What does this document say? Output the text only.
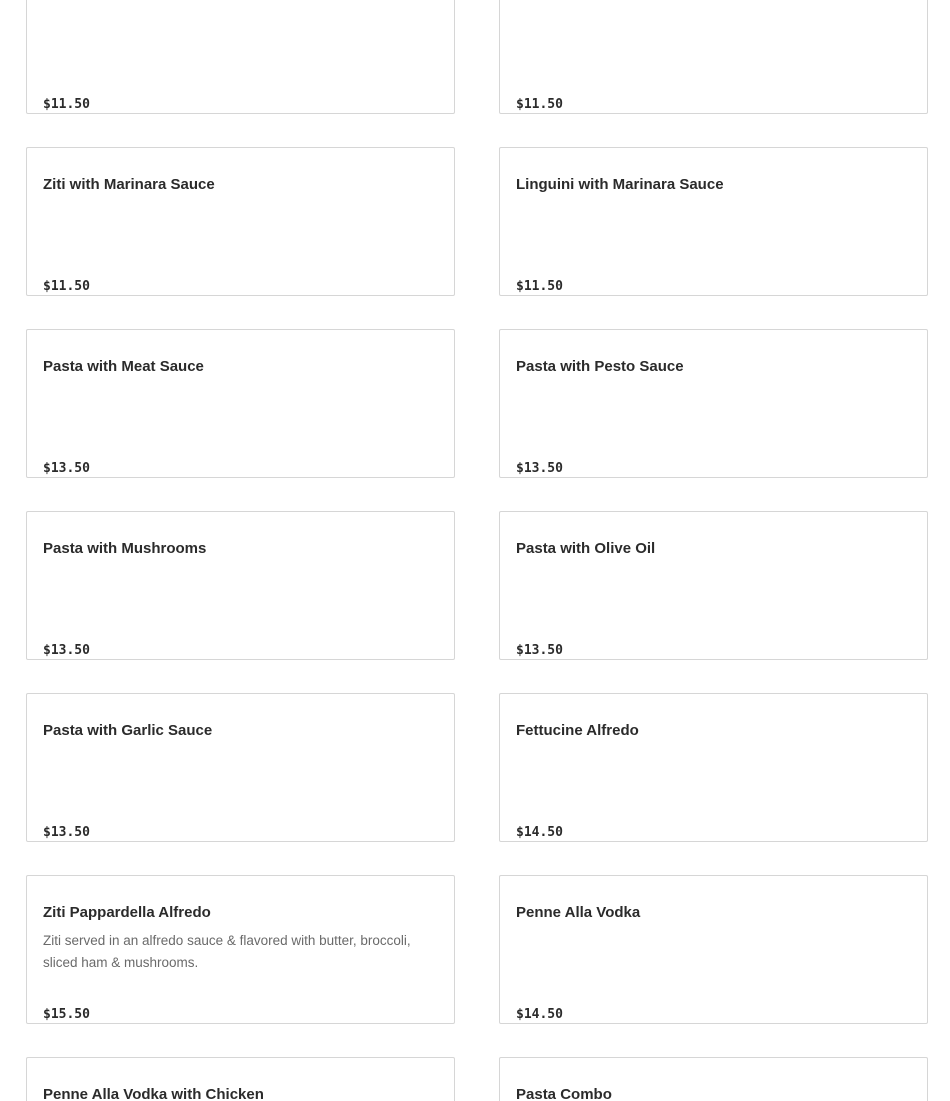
$11.50	$11.50
Ziti with Marinara Sauce
$11.50
Linguini with Marinara Sauce
$11.50
Pasta with Meat Sauce
$13.50
Pasta with Pesto Sauce
$13.50
Pasta with Mushrooms
$13.50
Pasta with Olive Oil
$13.50
Pasta with Garlic Sauce
$13.50
Fettucine Alfredo
$14.50
Ziti Pappardella Alfredo
Ziti served in an alfredo sauce & flavored with butter, broccoli, sliced ham & mushrooms.
$15.50
Penne Alla Vodka
$14.50
Penne Alla Vodka with Chicken	Pasta Combo
